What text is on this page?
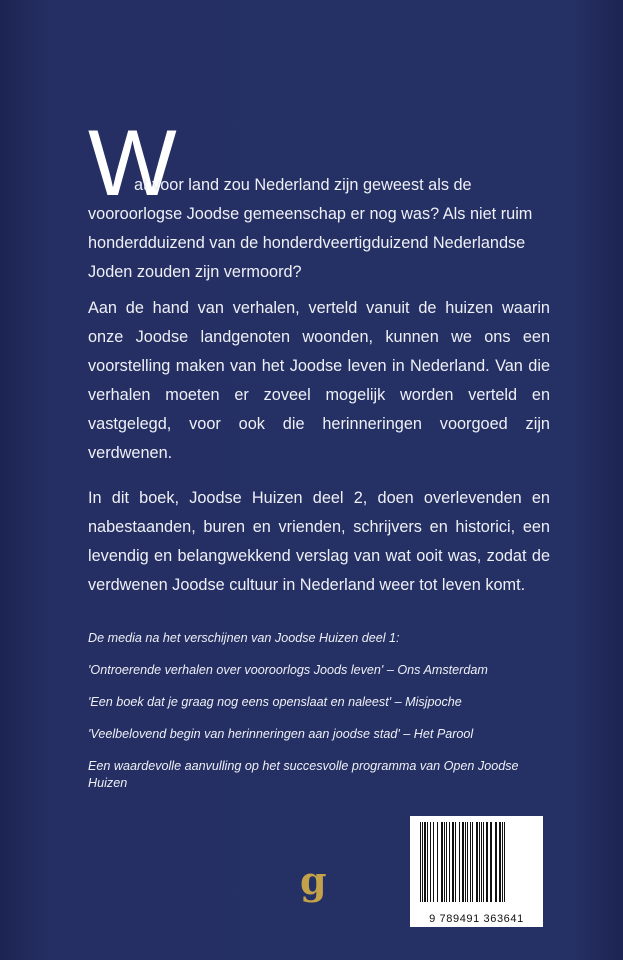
W

at voor land zou Nederland zijn geweest als de
vooroorlogse Joodse gemeenschap er nog was? Als niet ruim honderdduizend van de honderdveertigduizend Nederlandse Joden zouden zijn vermoord?

Aan de hand van verhalen, verteld vanuit de huizen waarin onze Joodse landgenoten woonden, kunnen we ons een voorstelling maken van het Joodse leven in Nederland. Van die verhalen moeten er zoveel mogelijk worden verteld en vastgelegd, voor ook die herinneringen voorgoed zijn verdwenen.

In dit boek, Joodse Huizen deel 2, doen overlevenden en nabestaanden, buren en vrienden, schrijvers en historici, een levendig en belangwekkend verslag van wat ooit was, zodat de verdwenen Joodse cultuur in Nederland weer tot leven komt.

De media na het verschijnen van Joodse Huizen deel 1:

'Ontroerende verhalen over vooroorlogs Joods leven' – Ons Amsterdam

'Een boek dat je graag nog eens openslaat en naleest' – Misjpoche

'Veelbelovend begin van herinneringen aan joodse stad' – Het Parool

Een waardevolle aanvulling op het succesvolle programma van Open Joodse Huizen

g
9 789491 363641
